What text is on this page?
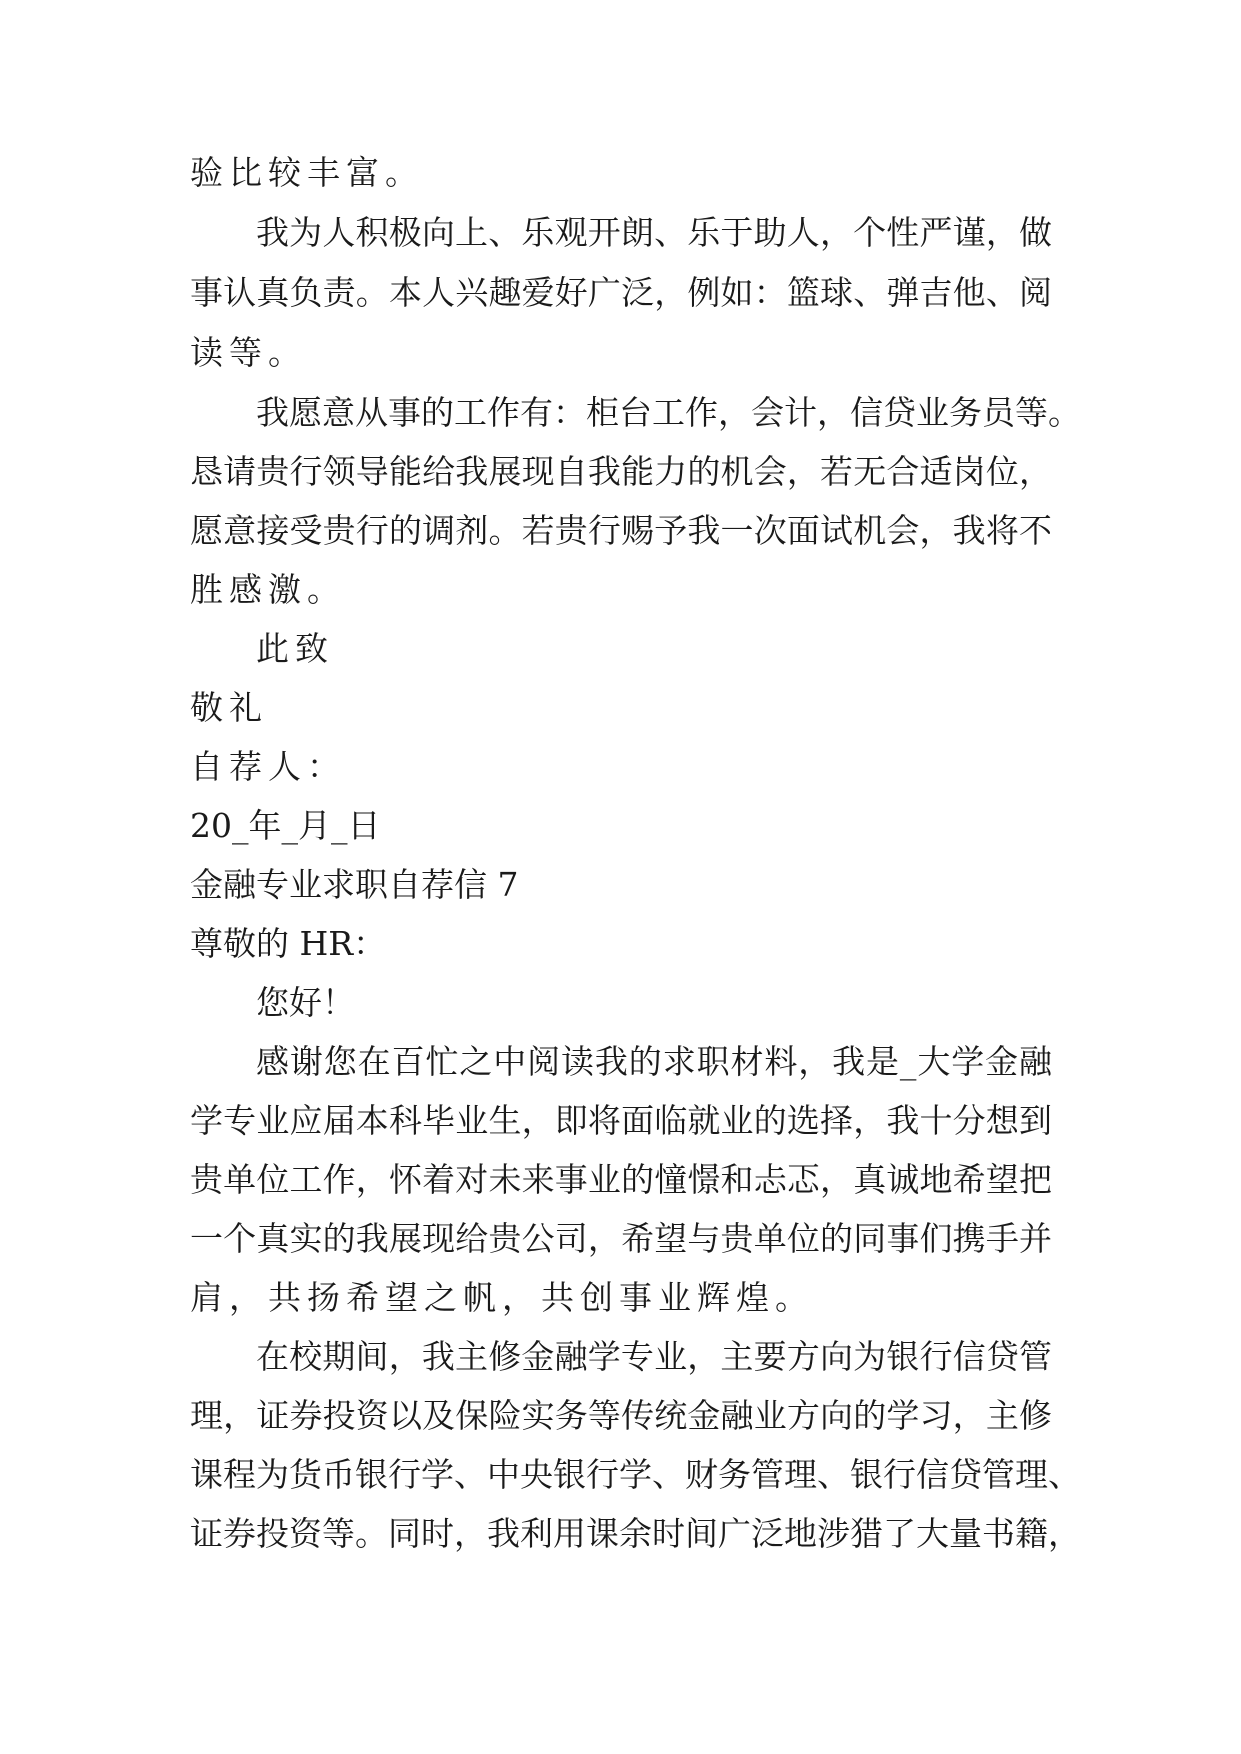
验比较丰富。
我为人积极向上、乐观开朗、乐于助人，个性严谨，做
事认真负责。本人兴趣爱好广泛，例如：篮球、弹吉他、阅
读等。
我愿意从事的工作有：柜台工作，会计，信贷业务员等。
恳请贵行领导能给我展现自我能力的机会，若无合适岗位，
愿意接受贵行的调剂。若贵行赐予我一次面试机会，我将不
胜感激。
此致
敬礼
自荐人：
20_年_月_日
金融专业求职自荐信 7
尊敬的 HR：
您好！
感谢您在百忙之中阅读我的求职材料，我是_大学金融
学专业应届本科毕业生，即将面临就业的选择，我十分想到
贵单位工作，怀着对未来事业的憧憬和忐忑，真诚地希望把
一个真实的我展现给贵公司，希望与贵单位的同事们携手并
肩，共扬希望之帆，共创事业辉煌。
在校期间，我主修金融学专业，主要方向为银行信贷管
理，证券投资以及保险实务等传统金融业方向的学习，主修
课程为货币银行学、中央银行学、财务管理、银行信贷管理、
证券投资等。同时，我利用课余时间广泛地涉猎了大量书籍，
